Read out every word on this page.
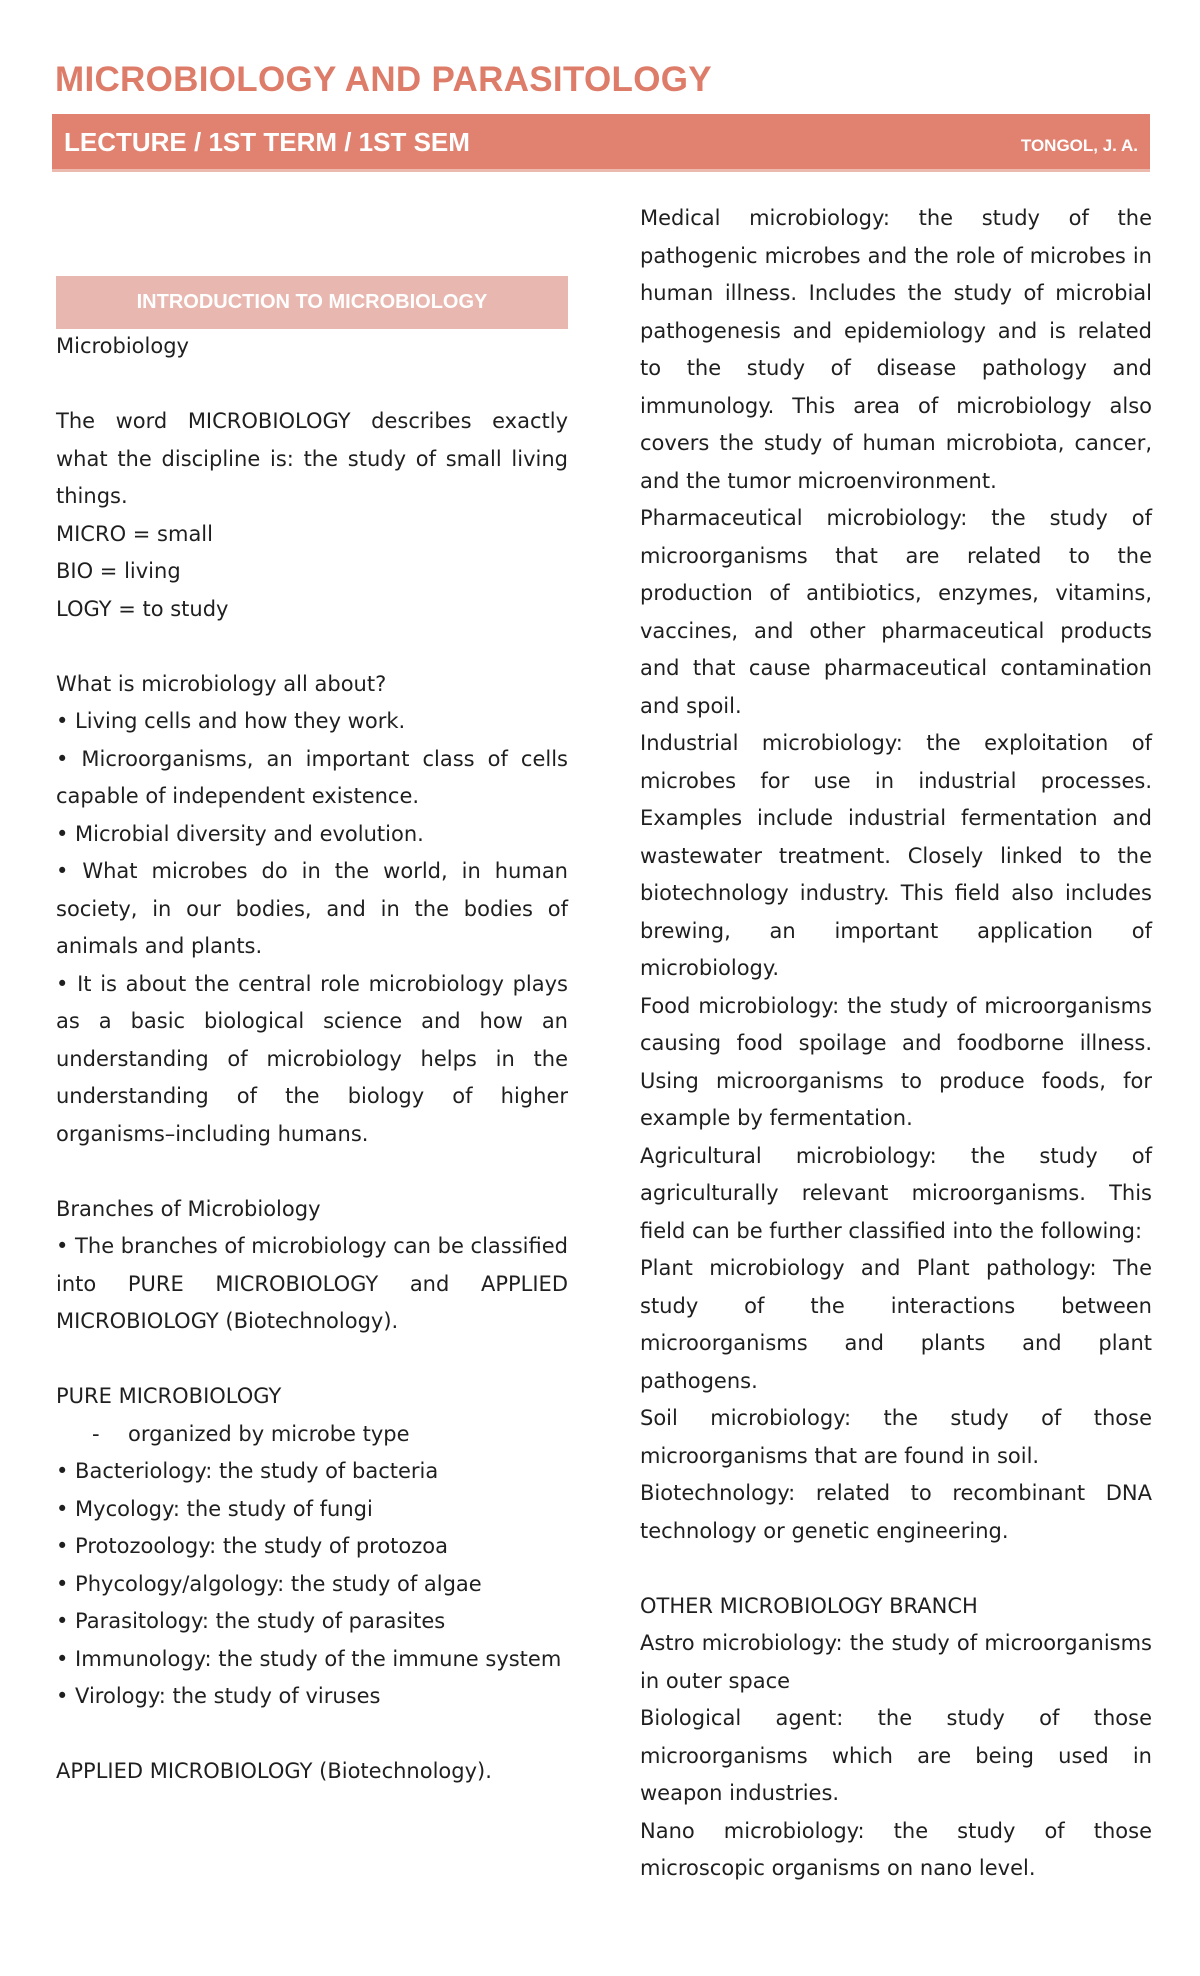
MICROBIOLOGY AND PARASITOLOGY
LECTURE / 1ST TERM / 1ST SEM	TONGOL, J. A.
INTRODUCTION TO MICROBIOLOGY

Microbiology

The word MICROBIOLOGY describes exactly what the discipline is: the study of small living things.

MICRO = small

BIO = living

LOGY = to study

What is microbiology all about?

• Living cells and how they work.

• Microorganisms, an important class of cells capable of independent existence.

• Microbial diversity and evolution.

• What microbes do in the world, in human society, in our bodies, and in the bodies of animals and plants.

• It is about the central role microbiology plays as a basic biological science and how an understanding of microbiology helps in the understanding of the biology of higher organisms–including humans.

Branches of Microbiology

• The branches of microbiology can be classified into PURE MICROBIOLOGY and APPLIED MICROBIOLOGY (Biotechnology).

PURE MICROBIOLOGY

- organized by microbe type

• Bacteriology: the study of bacteria

• Mycology: the study of fungi

• Protozoology: the study of protozoa

• Phycology/algology: the study of algae

• Parasitology: the study of parasites

• Immunology: the study of the immune system

• Virology: the study of viruses

APPLIED MICROBIOLOGY (Biotechnology).

Medical microbiology: the study of the pathogenic microbes and the role of microbes in human illness. Includes the study of microbial pathogenesis and epidemiology and is related to the study of disease pathology and immunology. This area of microbiology also covers the study of human microbiota, cancer, and the tumor microenvironment.

Pharmaceutical microbiology: the study of microorganisms that are related to the production of antibiotics, enzymes, vitamins, vaccines, and other pharmaceutical products and that cause pharmaceutical contamination and spoil.

Industrial microbiology: the exploitation of microbes for use in industrial processes. Examples include industrial fermentation and wastewater treatment. Closely linked to the biotechnology industry. This field also includes brewing, an important application of microbiology.

Food microbiology: the study of microorganisms causing food spoilage and foodborne illness. Using microorganisms to produce foods, for example by fermentation.

Agricultural microbiology: the study of agriculturally relevant microorganisms. This field can be further classified into the following:

Plant microbiology and Plant pathology: The study of the interactions between microorganisms and plants and plant pathogens.

Soil microbiology: the study of those microorganisms that are found in soil.

Biotechnology: related to recombinant DNA technology or genetic engineering.

OTHER MICROBIOLOGY BRANCH

Astro microbiology: the study of microorganisms in outer space

Biological agent: the study of those microorganisms which are being used in weapon industries.

Nano microbiology: the study of those microscopic organisms on nano level.
